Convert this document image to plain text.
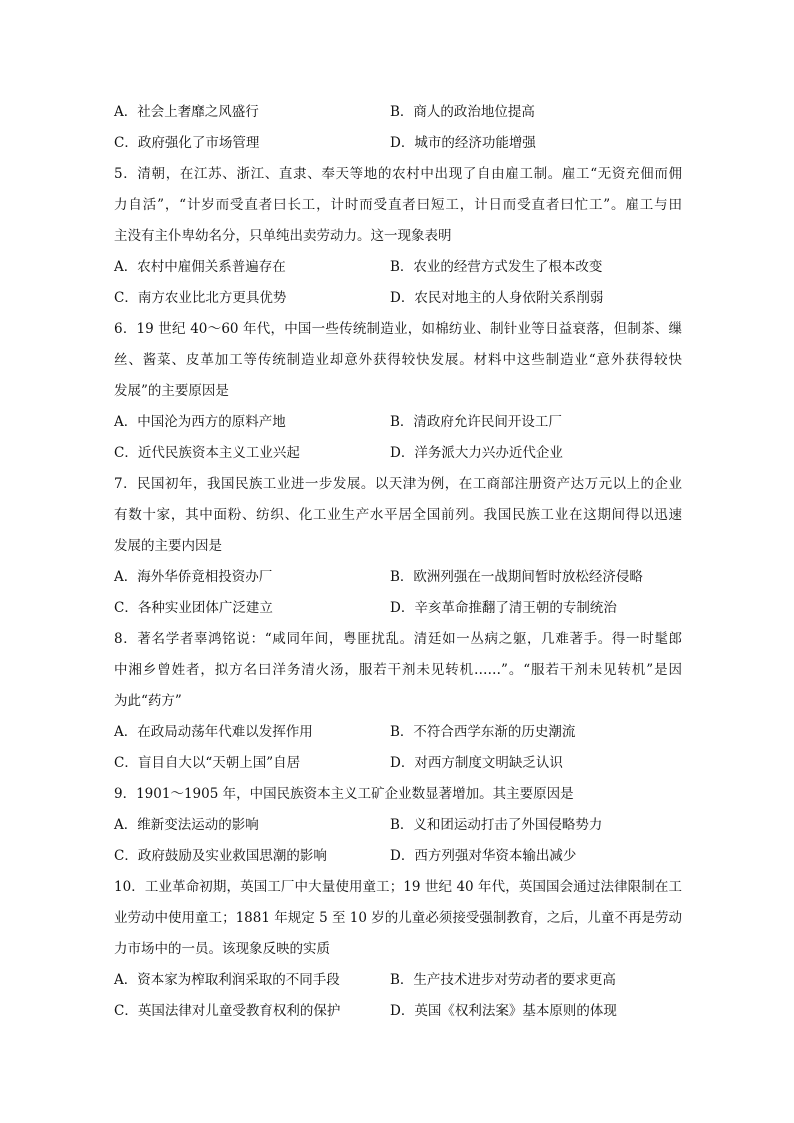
A．社会上奢靡之风盛行	B．商人的政治地位提高
C．政府强化了市场管理	D．城市的经济功能增强
5．清朝，在江苏、浙江、直隶、奉天等地的农村中出现了自由雇工制。雇工“无资充佃而佣
力自活”，“计岁而受直者曰长工，计时而受直者曰短工，计日而受直者曰忙工”。雇工与田
主没有主仆卑幼名分，只单纯出卖劳动力。这一现象表明
A．农村中雇佣关系普遍存在	B．农业的经营方式发生了根本改变
C．南方农业比北方更具优势	D．农民对地主的人身依附关系削弱
6．19 世纪 40～60 年代，中国一些传统制造业，如棉纺业、制针业等日益衰落，但制茶、缫
丝、酱菜、皮革加工等传统制造业却意外获得较快发展。材料中这些制造业“意外获得较快
发展”的主要原因是
A．中国沦为西方的原料产地	B．清政府允许民间开设工厂
C．近代民族资本主义工业兴起	D．洋务派大力兴办近代企业
7．民国初年，我国民族工业进一步发展。以天津为例，在工商部注册资产达万元以上的企业
有数十家，其中面粉、纺织、化工业生产水平居全国前列。我国民族工业在这期间得以迅速
发展的主要内因是
A．海外华侨竟相投资办厂	B．欧洲列强在一战期间暂时放松经济侵略
C．各种实业团体广泛建立	D．辛亥革命推翻了清王朝的专制统治
8．著名学者辜鸿铭说：“咸同年间，粤匪扰乱。清廷如一丛病之躯，几难著手。得一时髦郎
中湘乡曾姓者，拟方名曰洋务清火汤，服若干剂未见转机……”。“服若干剂未见转机”是因
为此“药方”
A．在政局动荡年代难以发挥作用	B．不符合西学东渐的历史潮流
C．盲目自大以“天朝上国”自居	D．对西方制度文明缺乏认识
9．1901～1905 年，中国民族资本主义工矿企业数显著增加。其主要原因是
A．维新变法运动的影响	B．义和团运动打击了外国侵略势力
C．政府鼓励及实业救国思潮的影响	D．西方列强对华资本输出减少
10．工业革命初期，英国工厂中大量使用童工；19 世纪 40 年代，英国国会通过法律限制在工
业劳动中使用童工；1881 年规定 5 至 10 岁的儿童必须接受强制教育，之后，儿童不再是劳动
力市场中的一员。该现象反映的实质
A．资本家为榨取利润采取的不同手段	B．生产技术进步对劳动者的要求更高
C．英国法律对儿童受教育权利的保护	D．英国《权利法案》基本原则的体现
